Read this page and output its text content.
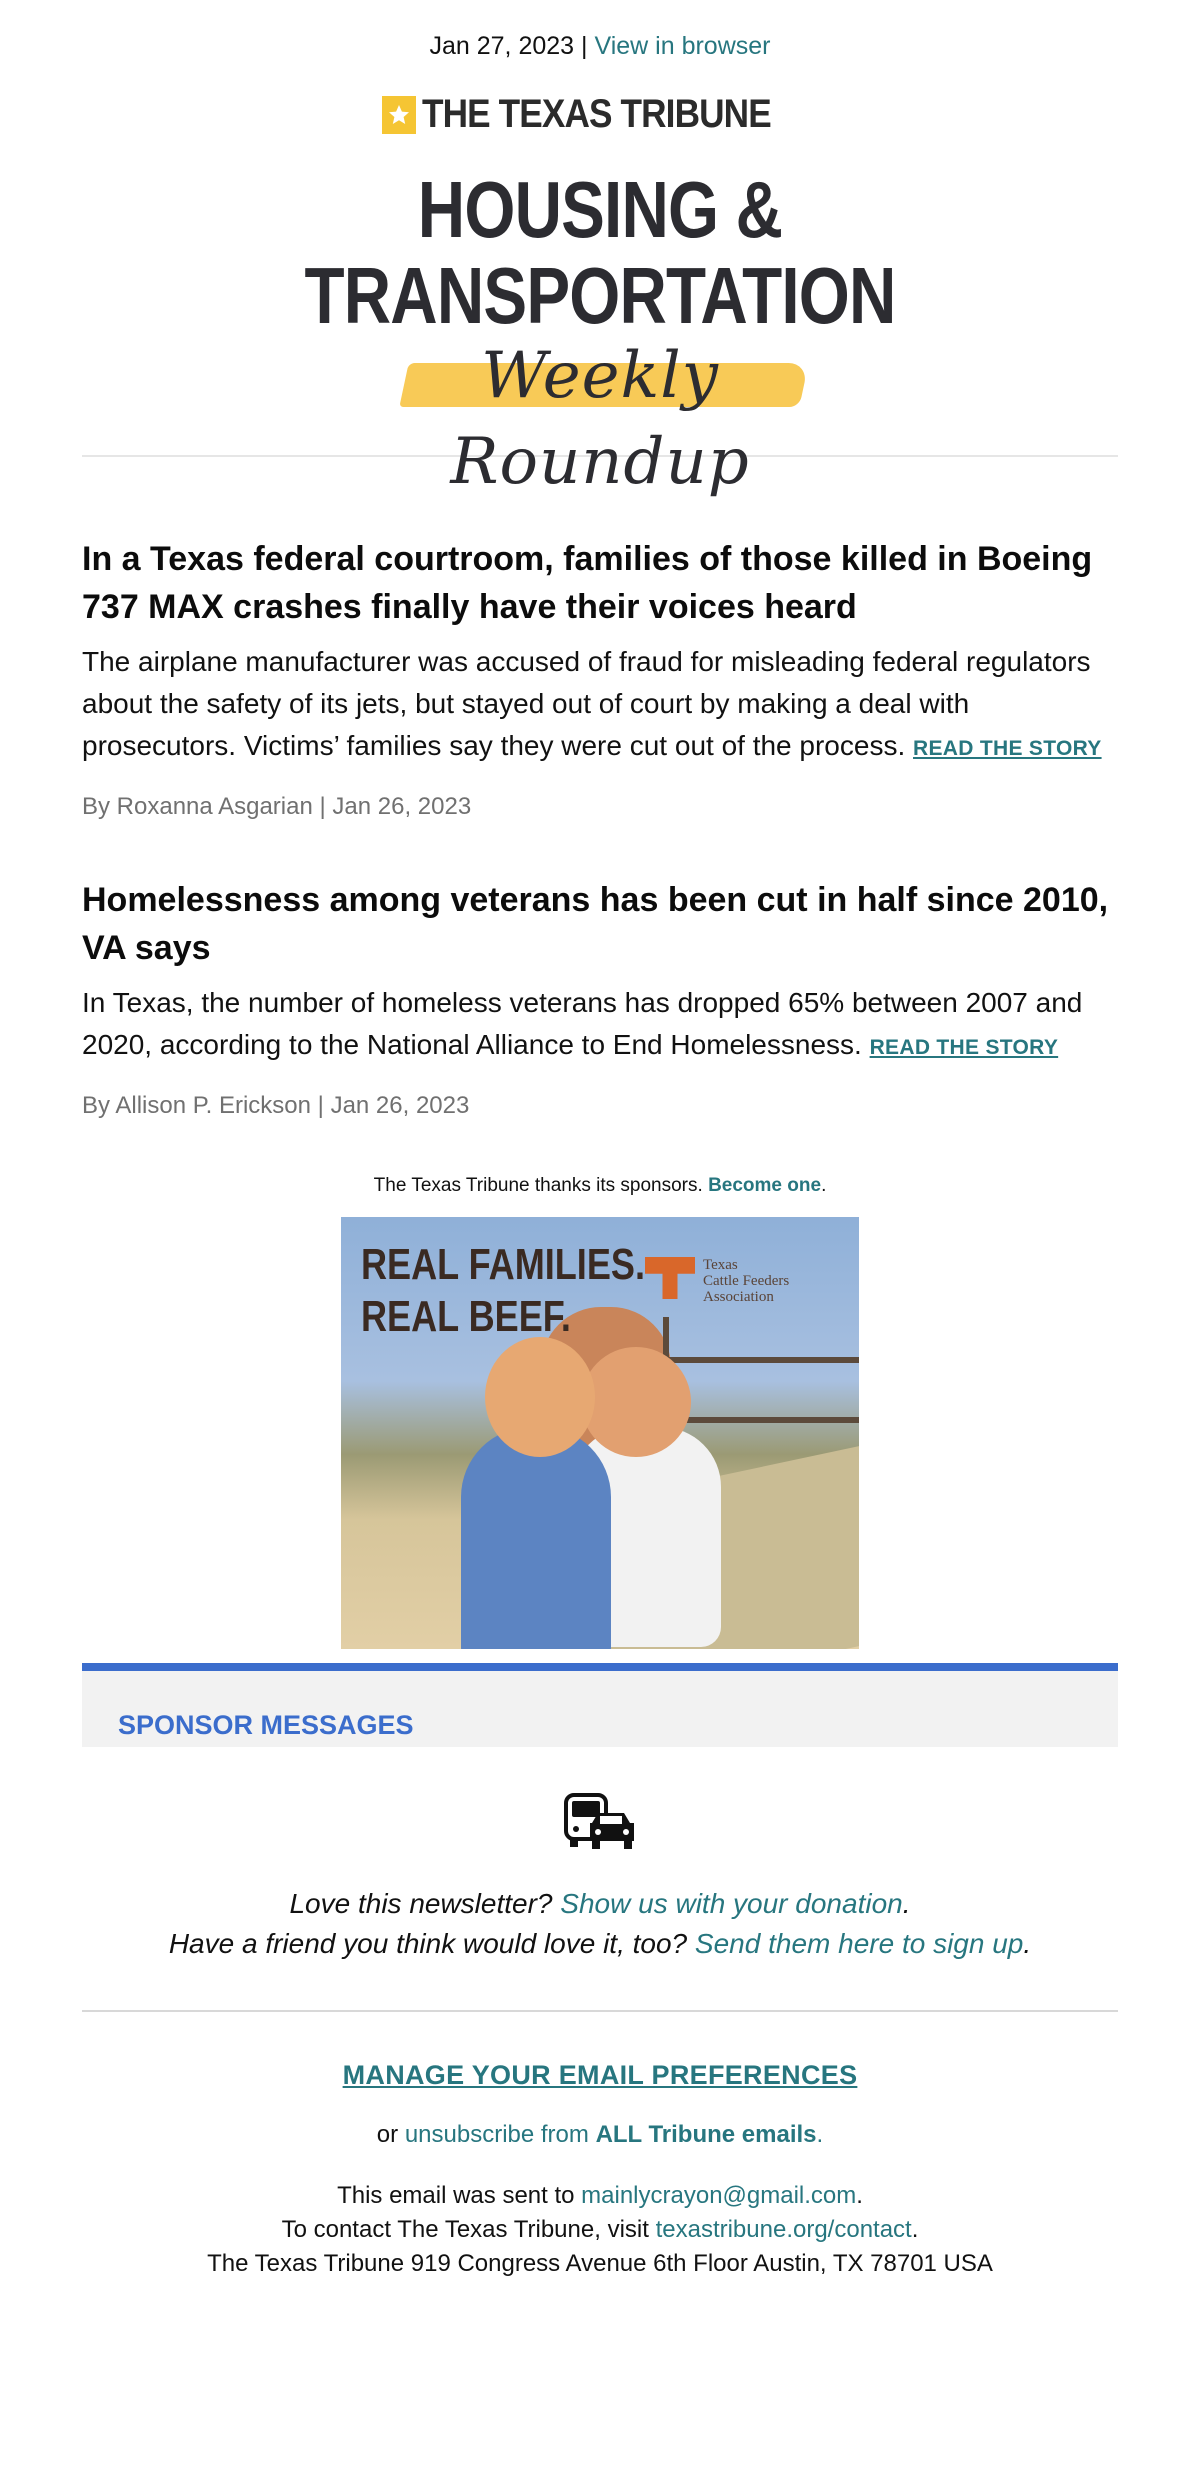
Jan 27, 2023 | View in browser
THE TEXAS TRIBUNE
HOUSING & TRANSPORTATION
Weekly Roundup
In a Texas federal courtroom, families of those killed in Boeing 737 MAX crashes finally have their voices heard

The airplane manufacturer was accused of fraud for misleading federal regulators about the safety of its jets, but stayed out of court by making a deal with prosecutors. Victims’ families say they were cut out of the process. READ THE STORY

By Roxanna Asgarian | Jan 26, 2023
Homelessness among veterans has been cut in half since 2010, VA says

In Texas, the number of homeless veterans has dropped 65% between 2007 and 2020, according to the National Alliance to End Homelessness. READ THE STORY

By Allison P. Erickson | Jan 26, 2023
The Texas Tribune thanks its sponsors. Become one.
REAL FAMILIES.
REAL BEEF.
Texas
Cattle Feeders
Association
SPONSOR MESSAGES
Love this newsletter? Show us with your donation.
Have a friend you think would love it, too? Send them here to sign up.
MANAGE YOUR EMAIL PREFERENCES
or unsubscribe from ALL Tribune emails.
This email was sent to mainlycrayon@gmail.com.
To contact The Texas Tribune, visit texastribune.org/contact.
The Texas Tribune 919 Congress Avenue 6th Floor Austin, TX 78701 USA
